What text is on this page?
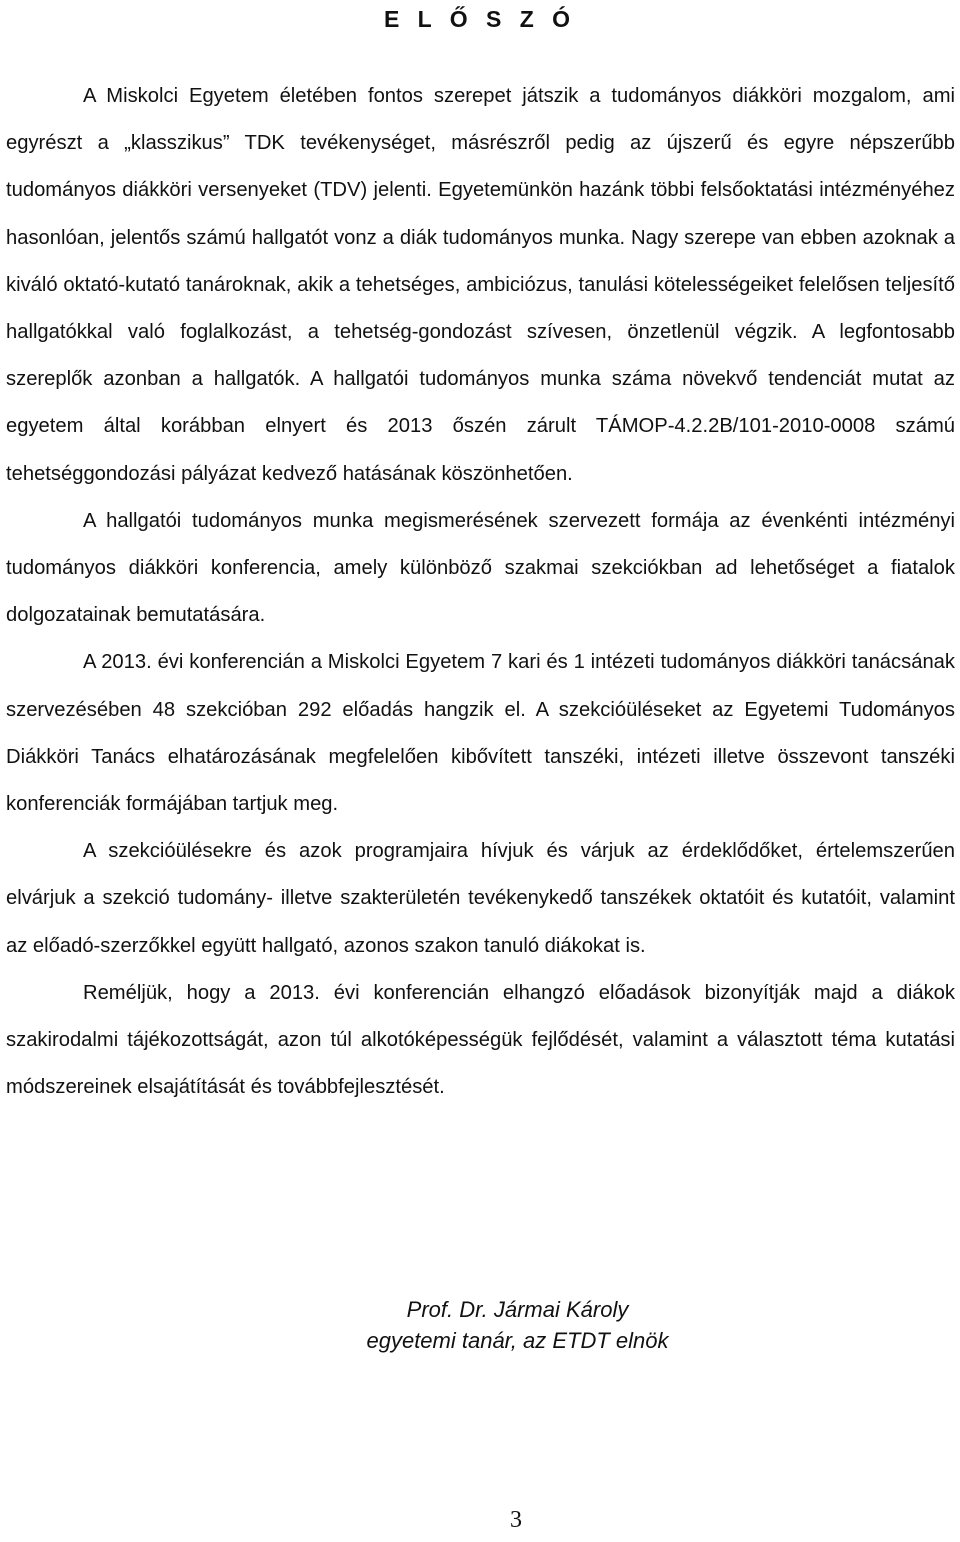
E L Ő S Z Ó

A Miskolci Egyetem életében fontos szerepet játszik a tudományos diákköri mozgalom, ami egyrészt a „klasszikus” TDK tevékenységet, másrészről pedig az újszerű és egyre népszerűbb tudományos diákköri versenyeket (TDV) jelenti. Egyetemünkön hazánk többi felsőoktatási intézményéhez hasonlóan, jelentős számú hallgatót vonz a diák tudományos munka. Nagy szerepe van ebben azoknak a kiváló oktató-kutató tanároknak, akik a tehetséges, ambiciózus, tanulási kötelességeiket felelősen teljesítő hallgatókkal való foglalkozást, a tehetség-gondozást szívesen, önzetlenül végzik. A legfontosabb szereplők azonban a hallgatók. A hallgatói tudományos munka száma növekvő tendenciát mutat az egyetem által korábban elnyert és 2013 őszén zárult TÁMOP-4.2.2B/101-2010-0008 számú tehetséggondozási pályázat kedvező hatásának köszönhetően.

A hallgatói tudományos munka megismerésének szervezett formája az évenkénti intézményi tudományos diákköri konferencia, amely különböző szakmai szekciókban ad lehetőséget a fiatalok dolgozatainak bemutatására.

A 2013. évi konferencián a Miskolci Egyetem 7 kari és 1 intézeti tudományos diákköri tanácsának szervezésében 48 szekcióban 292 előadás hangzik el. A szekcióüléseket az Egyetemi Tudományos Diákköri Tanács elhatározásának megfelelően kibővített tanszéki, intézeti illetve összevont tanszéki konferenciák formájában tartjuk meg.

A szekcióülésekre és azok programjaira hívjuk és várjuk az érdeklődőket, értelemszerűen elvárjuk a szekció tudomány- illetve szakterületén tevékenykedő tanszékek oktatóit és kutatóit, valamint az előadó-szerzőkkel együtt hallgató, azonos szakon tanuló diákokat is.

Reméljük, hogy a 2013. évi konferencián elhangzó előadások bizonyítják majd a diákok szakirodalmi tájékozottságát, azon túl alkotóképességük fejlődését, valamint a választott téma kutatási módszereinek elsajátítását és továbbfejlesztését.

Prof. Dr. Jármai Károly
egyetemi tanár, az ETDT elnök
3
